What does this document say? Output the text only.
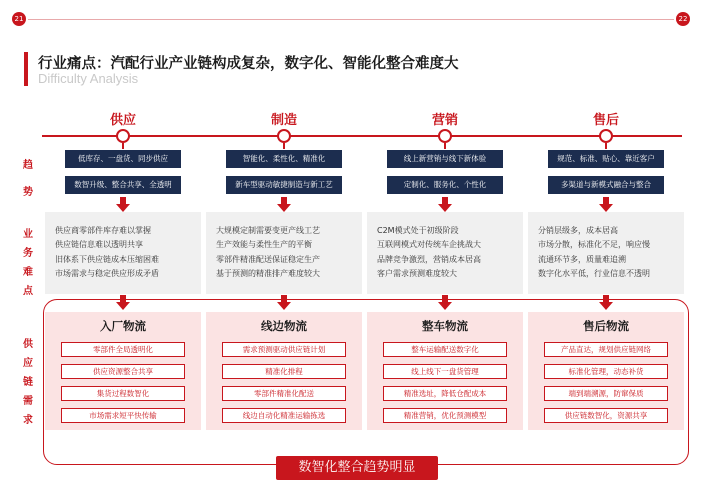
21	22
行业痛点：汽配行业产业链构成复杂，数字化、智能化整合难度大
Difficulty Analysis
趋
势
业
务
难
点
供
应
链
需
求
供应
低库存、一盘货、同步供应
数智升级、整合共享、全透明
供应商零部件库存难以掌握
供应链信息难以透明共享
旧体系下供应链成本压缩困难
市场需求与稳定供应形成矛盾
入厂物流
零部件全局透明化
供应资源整合共享
集货过程数智化
市场需求短平快传输
制造
智能化、柔性化、精准化
新车型驱动敏捷制造与新工艺
大规模定制需要变更产线工艺
生产效能与柔性生产的平衡
零部件精准配送保证稳定生产
基于预测的精准排产难度较大
线边物流
需求预测驱动供应链计划
精准化排程
零部件精准化配送
线边自动化精准运输拣选
营销
线上新营销与线下新体验
定制化、服务化、个性化
C2M模式处于初级阶段
互联网模式对传统车企挑战大
品牌竞争激烈，营销成本居高
客户需求预测难度较大
整车物流
整车运输配送数字化
线上线下一盘货管理
精准选址，降低仓配成本
精准营销，优化预测模型
售后
规范、标准、贴心、靠近客户
多渠道与新模式融合与整合
分销层级多，成本居高
市场分散，标准化不足，响应慢
流通环节多，质量难追溯
数字化水平低，行业信息不透明
售后物流
产品直达，规划供应链网络
标准化管理，动态补货
端到端溯源，防窜保质
供应链数智化，资源共享
数智化整合趋势明显
